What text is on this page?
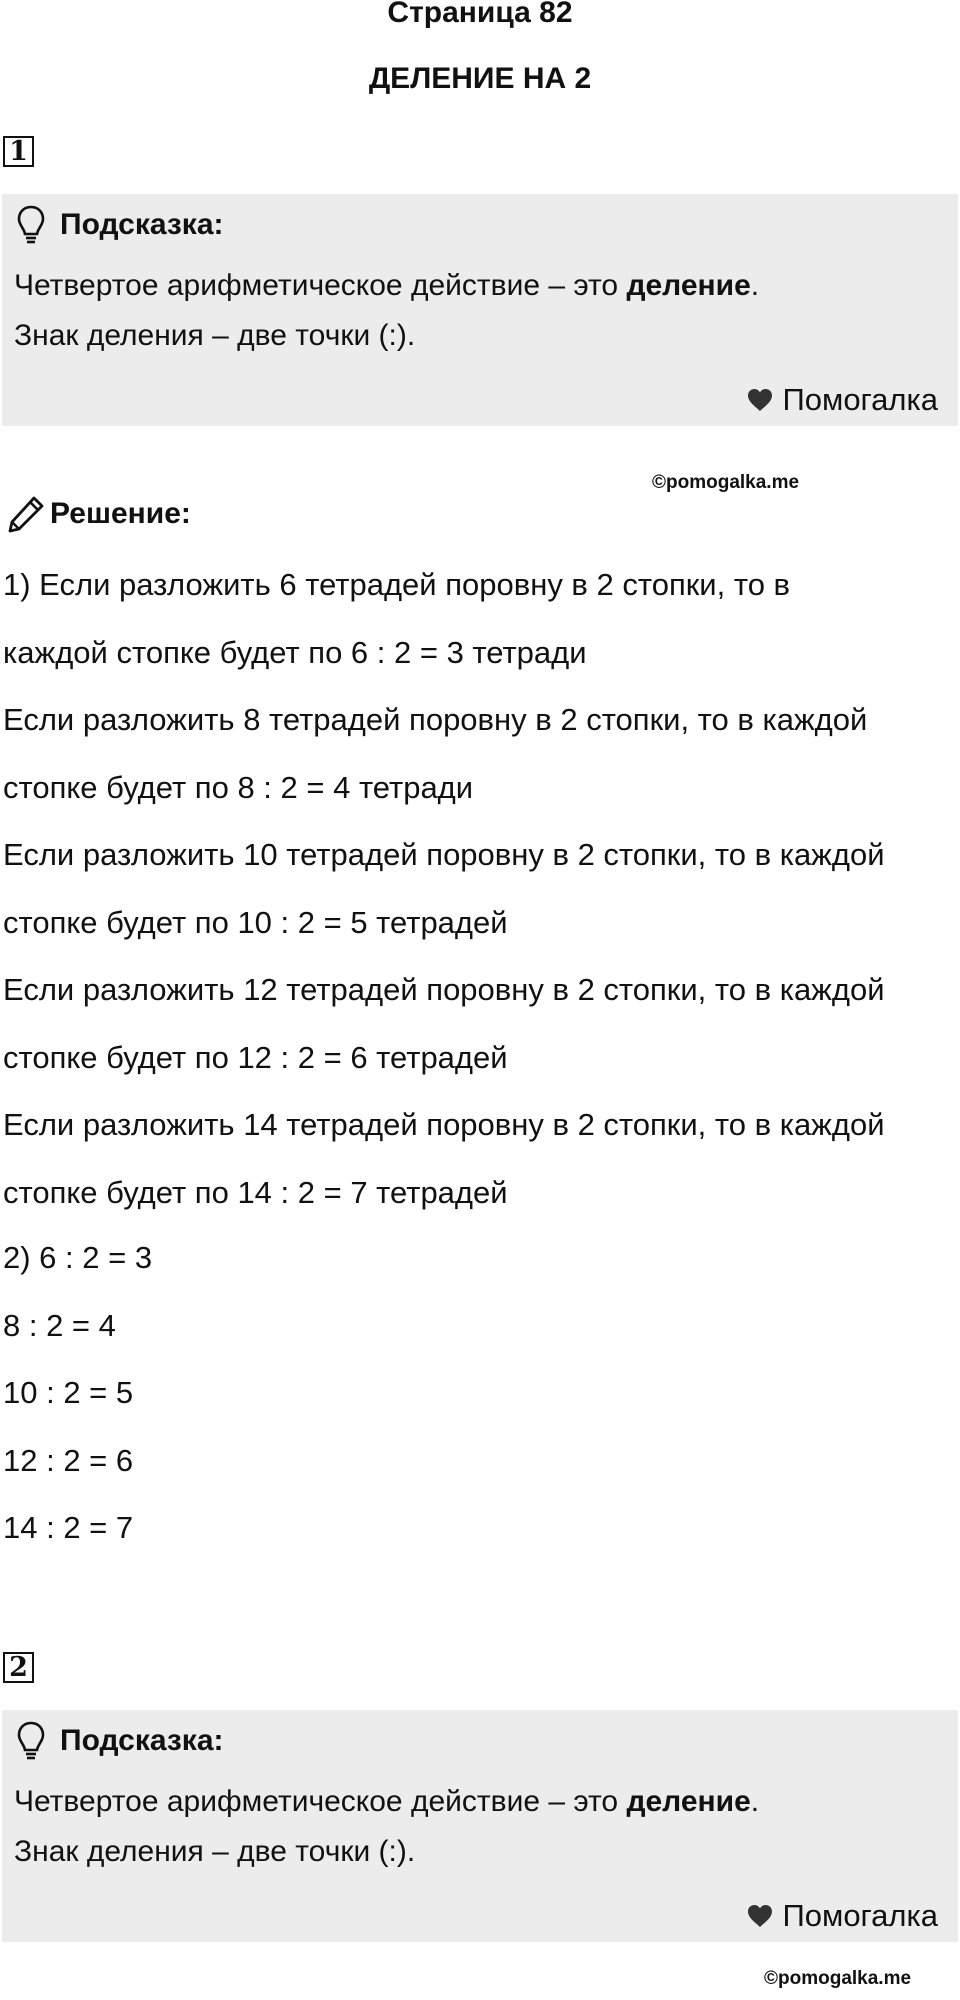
Страница 82
ДЕЛЕНИЕ НА 2
1
Подсказка:
Четвертое арифметическое действие – это деление.
Знак деления – две точки (:).
Помогалка
©pomogalka.me
Решение:
1) Если разложить 6 тетрадей поровну в 2 стопки, то в
каждой стопке будет по 6 : 2 = 3 тетради
Если разложить 8 тетрадей поровну в 2 стопки, то в каждой
стопке будет по 8 : 2 = 4 тетради
Если разложить 10 тетрадей поровну в 2 стопки, то в каждой
стопке будет по 10 : 2 = 5 тетрадей
Если разложить 12 тетрадей поровну в 2 стопки, то в каждой
стопке будет по 12 : 2 = 6 тетрадей
Если разложить 14 тетрадей поровну в 2 стопки, то в каждой
стопке будет по 14 : 2 = 7 тетрадей
2) 6 : 2 = 3
8 : 2 = 4
10 : 2 = 5
12 : 2 = 6
14 : 2 = 7
2
Подсказка:
Четвертое арифметическое действие – это деление.
Знак деления – две точки (:).
Помогалка
©pomogalka.me
